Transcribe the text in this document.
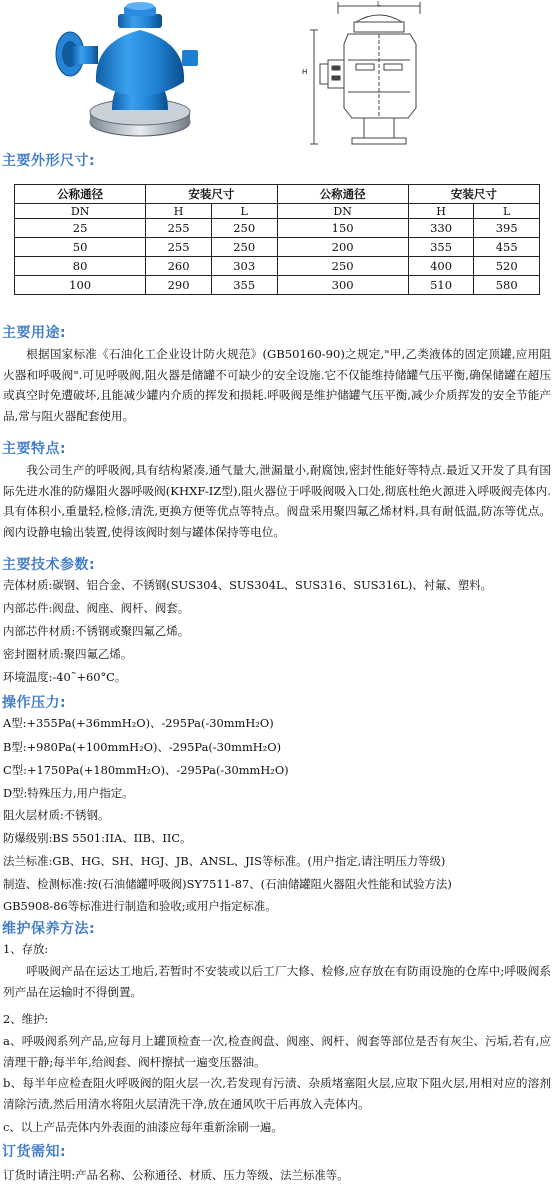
H
L
主要外形尺寸:
公称通径	安装尺寸		公称通径	安装尺寸	
DN	H	L	DN	H	L
25	255	250	150	330	395
50	255	250	200	355	455
80	260	303	250	400	520
100	290	355	300	510	580
主要用途:

根据国家标准《石油化工企业设计防火规范》(GB50160-90)之规定,"甲,乙类液体的固定顶罐,应用阻火器和呼吸阀".可见呼吸阀,阻火器是储罐不可缺少的安全设施.它不仅能维持储罐气压平衡,确保储罐在超压或真空时免遭破坏,且能减少罐内介质的挥发和损耗.呼吸阀是维护储罐气压平衡,减少介质挥发的安全节能产品,常与阻火器配套使用。

主要特点:

我公司生产的呼吸阀,具有结构紧凑,通气量大,泄漏量小,耐腐蚀,密封性能好等特点.最近又开发了具有国际先进水准的防爆阻火器呼吸阀(KHXF-IZ型),阻火器位于呼吸阀吸入口处,彻底杜绝火源进入呼吸阀壳体内.具有体积小,重量轻,检修,清洗,更换方便等优点等特点。阀盘采用聚四氟乙烯材料,具有耐低温,防冻等优点。阀内设静电输出装置,使得该阀时刻与罐体保持等电位。

主要技术参数:
壳体材质:碳钢、铝合金、不锈钢(SUS304、SUS304L、SUS316、SUS316L)、衬氟、塑料。
内部芯件:阀盘、阀座、阀杆、阀套。
内部芯件材质:不锈钢或聚四氟乙烯。
密封圈材质:聚四氟乙烯。
环境温度:-40˜+60°C。
操作压力:
A型:+355Pa(+36mmH₂O)、-295Pa(-30mmH₂O)
B型:+980Pa(+100mmH₂O)、-295Pa(-30mmH₂O)
C型:+1750Pa(+180mmH₂O)、-295Pa(-30mmH₂O)
D型:特殊压力,用户指定。
阻火层材质:不锈钢。
防爆级别:BS 5501:IIA、IIB、IIC。
法兰标准:GB、HG、SH、HGJ、JB、ANSL、JIS等标准。(用户指定,请注明压力等级)
制造、检测标准:按(石油储罐呼吸阀)SY7511-87、(石油储罐阻火器阻火性能和试验方法)
GB5908-86等标准进行制造和验收;或用户指定标准。
维护保养方法:
1、存放:

呼吸阀产品在运达工地后,若暂时不安装或以后工厂大修、检修,应存放在有防雨设施的仓库中;呼吸阀系列产品在运输时不得倒置。

2、维护:

a、呼吸阀系列产品,应每月上罐顶检查一次,检查阀盘、阀座、阀杆、阀套等部位是否有灰尘、污垢,若有,应清理干静;每半年,给阀套、阀杆擦拭一遍变压器油。

b、每半年应检查阻火呼吸阀的阻火层一次,若发现有污渍、杂质堵塞阻火层,应取下阻火层,用相对应的溶剂清除污渍,然后用清水将阻火层清洗干净,放在通风吹干后再放入壳体内。

c、以上产品壳体内外表面的油漆应每年重新涂刷一遍。
订货需知:
订货时请注明:产品名称、公称通径、材质、压力等级、法兰标准等。
